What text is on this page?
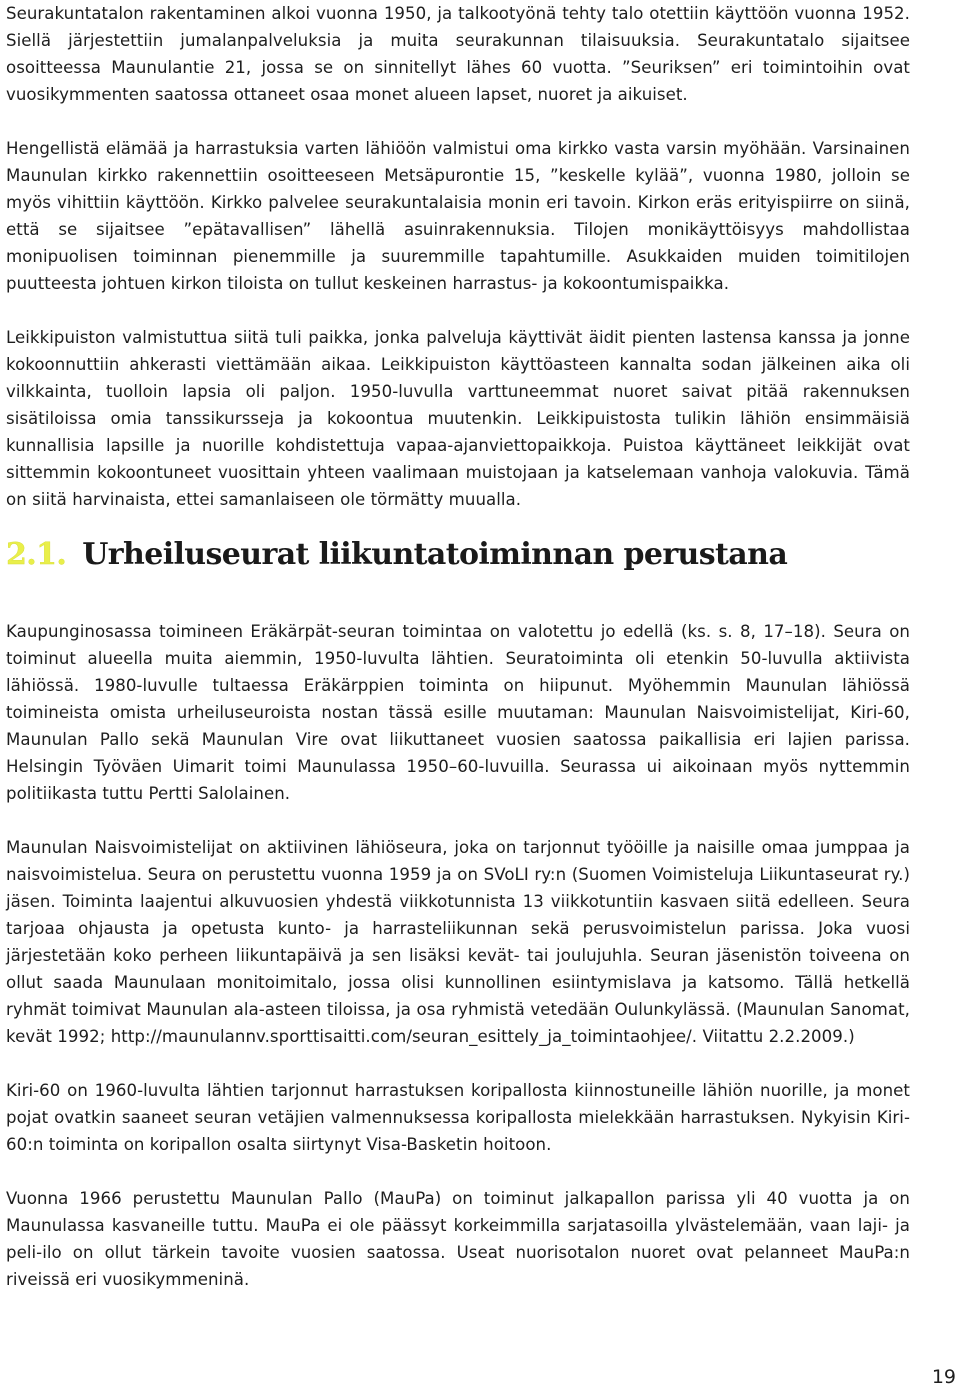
Seurakuntatalon rakentaminen alkoi vuonna 1950, ja talkootyönä tehty talo otettiin käyttöön vuonna 1952. Siellä järjestettiin jumalanpalveluksia ja muita seurakunnan tilaisuuksia. Seurakuntatalo sijaitsee osoitteessa Maunulantie 21, jossa se on sinnitellyt lähes 60 vuotta. ”Seuriksen” eri toimintoihin ovat vuosikymmenten saatossa ottaneet osaa monet alueen lapset, nuoret ja aikuiset.

Hengellistä elämää ja harrastuksia varten lähiöön valmistui oma kirkko vasta varsin myöhään. Varsinainen Maunulan kirkko rakennettiin osoitteeseen Metsäpurontie 15, ”keskelle kylää”, vuonna 1980, jolloin se myös vihittiin käyttöön. Kirkko palvelee seurakuntalaisia monin eri tavoin. Kirkon eräs erityispiirre on siinä, että se sijaitsee ”epätavallisen” lähellä asuinrakennuksia. Tilojen monikäyttöisyys mahdollistaa monipuolisen toiminnan pienemmille ja suuremmille tapahtumille. Asukkaiden muiden toimitilojen puutteesta johtuen kirkon tiloista on tullut keskeinen harrastus- ja kokoontumispaikka.

Leikkipuiston valmistuttua siitä tuli paikka, jonka palveluja käyttivät äidit pienten lastensa kanssa ja jonne kokoonnuttiin ahkerasti viettämään aikaa. Leikkipuiston käyttöasteen kannalta sodan jälkeinen aika oli vilkkainta, tuolloin lapsia oli paljon. 1950-luvulla varttuneemmat nuoret saivat pitää rakennuksen sisätiloissa omia tanssikursseja ja kokoontua muutenkin. Leikkipuistosta tulikin lähiön ensimmäisiä kunnallisia lapsille ja nuorille kohdistettuja vapaa-ajanviettopaikkoja. Puistoa käyttäneet leikkijät ovat sittemmin kokoontuneet vuosittain yhteen vaalimaan muistojaan ja katselemaan vanhoja valokuvia. Tämä on siitä harvinaista, ettei samanlaiseen ole törmätty muualla.

2.1. Urheiluseurat liikuntatoiminnan perustana

Kaupunginosassa toimineen Eräkärpät-seuran toimintaa on valotettu jo edellä (ks. s. 8, 17–18). Seura on toiminut alueella muita aiemmin, 1950-luvulta lähtien. Seuratoiminta oli etenkin 50-luvulla aktiivista lähiössä. 1980-luvulle tultaessa Eräkärppien toiminta on hiipunut. Myöhemmin Maunulan lähiössä toimineista omista urheiluseuroista nostan tässä esille muutaman: Maunulan Naisvoimistelijat, Kiri-60, Maunulan Pallo sekä Maunulan Vire ovat liikuttaneet vuosien saatossa paikallisia eri lajien parissa. Helsingin Työväen Uimarit toimi Maunulassa 1950–60-luvuilla. Seurassa ui aikoinaan myös nyttemmin politiikasta tuttu Pertti Salolainen.

Maunulan Naisvoimistelijat on aktiivinen lähiöseura, joka on tarjonnut työöille ja naisille omaa jumppaa ja naisvoimistelua. Seura on perustettu vuonna 1959 ja on SVoLI ry:n (Suomen Voimisteluja Liikuntaseurat ry.) jäsen. Toiminta laajentui alkuvuosien yhdestä viikkotunnista 13 viikkotuntiin kasvaen siitä edelleen. Seura tarjoaa ohjausta ja opetusta kunto- ja harrasteliikunnan sekä perusvoimistelun parissa. Joka vuosi järjestetään koko perheen liikuntapäivä ja sen lisäksi kevät- tai joulujuhla. Seuran jäsenistön toiveena on ollut saada Maunulaan monitoimitalo, jossa olisi kunnollinen esiintymislava ja katsomo. Tällä hetkellä ryhmät toimivat Maunulan ala-asteen tiloissa, ja osa ryhmistä vetedään Oulunkylässä. (Maunulan Sanomat, kevät 1992; http://maunulannv.sporttisaitti.com/seuran_esittely_ja_toimintaohjee/. Viitattu 2.2.2009.)

Kiri-60 on 1960-luvulta lähtien tarjonnut harrastuksen koripallosta kiinnostuneille lähiön nuorille, ja monet pojat ovatkin saaneet seuran vetäjien valmennuksessa koripallosta mielekkään harrastuksen. Nykyisin Kiri-60:n toiminta on koripallon osalta siirtynyt Visa-Basketin hoitoon.

Vuonna 1966 perustettu Maunulan Pallo (MauPa) on toiminut jalkapallon parissa yli 40 vuotta ja on Maunulassa kasvaneille tuttu. MauPa ei ole päässyt korkeimmilla sarjatasoilla ylvästelemään, vaan laji- ja peli-ilo on ollut tärkein tavoite vuosien saatossa. Useat nuorisotalon nuoret ovat pelanneet MauPa:n riveissä eri vuosikymmeninä.

19
